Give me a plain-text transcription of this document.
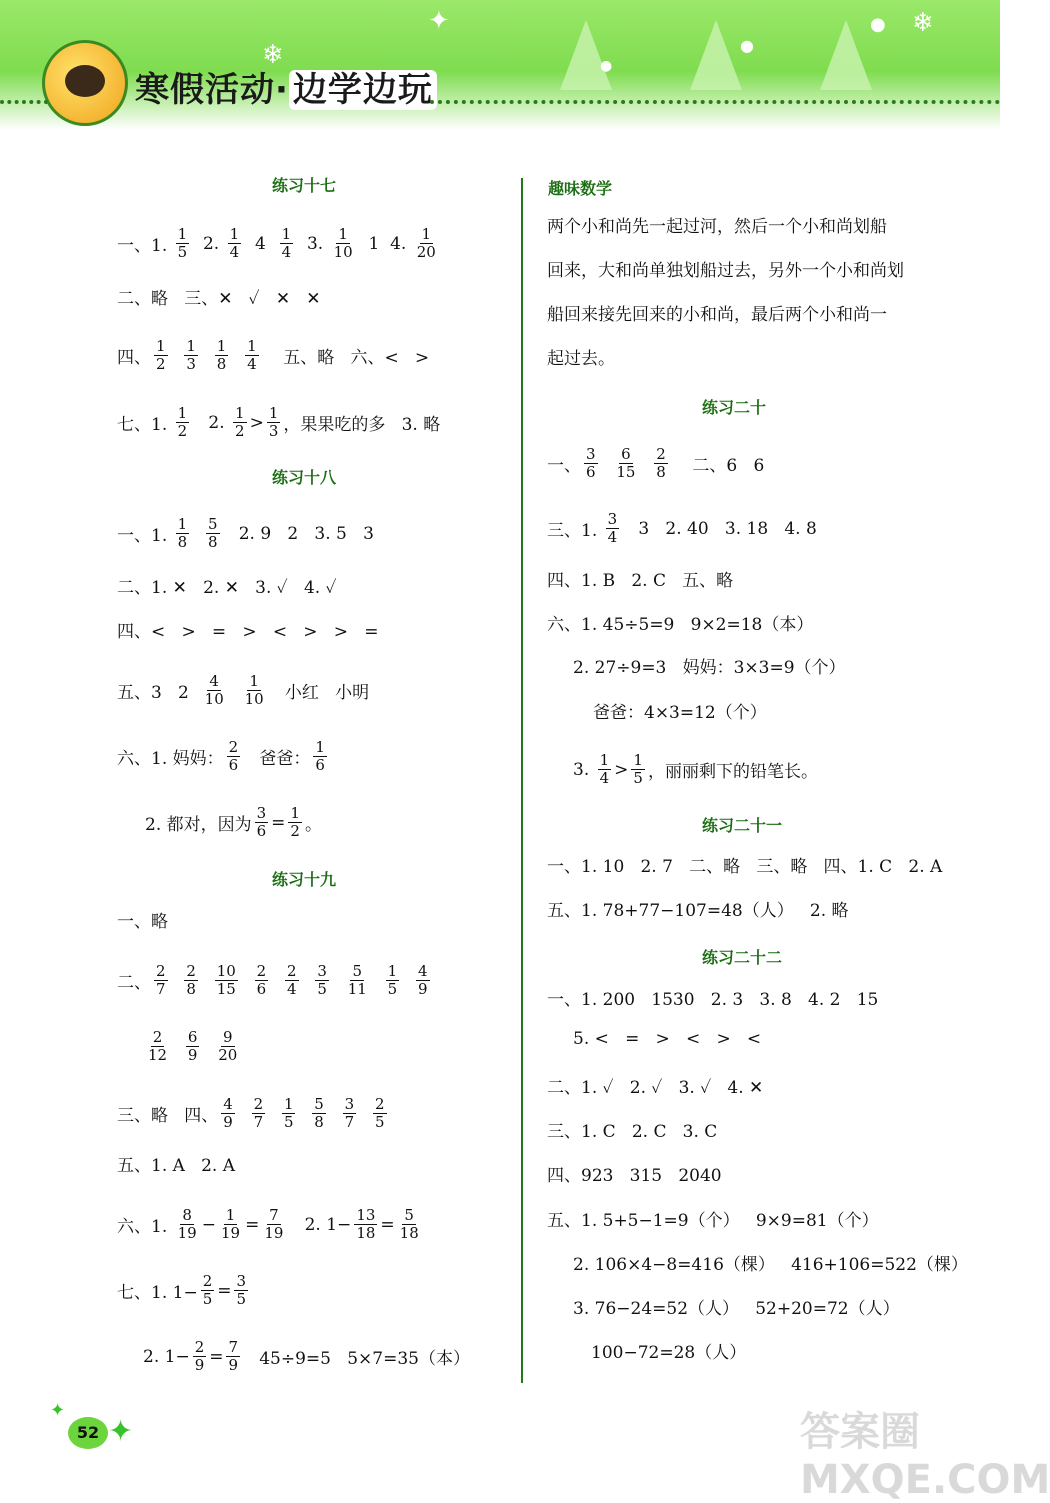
✦
❄
❄
●
●
●
寒假活动· 边学边玩
练习十七
一、1. $\frac{1}{5} 2$. $\frac{1}{4} 4 \frac{1}{4} 3$. $\frac{1}{10} 1$  4. $\frac{1}{20}$
二、略   三、✕   ✓   ✕   ✕
四、 $\frac{1}{2}$
$\frac{1}{3}$
$\frac{1}{8}$
$\frac{1}{4}$ 五、略   六、<   >
七、1. $\frac{1}{2} 2$. $\frac{1}{2} > \frac{1}{3}$ ，果果吃的多   3. 略
练习十八
一、1. $\frac{1}{8}$
$\frac{5}{8} 2$. 9   2   3. 5   3
二、1. ✕   2. ✕   3. ✓   4. ✓
四、<   >   =   >   <   >   >   =
五、3   $2 \frac{4}{10}$
$\frac{1}{10}$ 小红   小明
六、1. 妈妈： $\frac{2}{6}$ 爸爸： $\frac{1}{6}$
2. 都对，因为 $\frac{3}{6} = \frac{1}{2}$ 。
练习十九
一、略
二、 $\frac{2}{7}$
$\frac{2}{8}$
$\frac{10}{15}$
$\frac{2}{6}$
$\frac{2}{4}$
$\frac{3}{5}$
$\frac{5}{11}$
$\frac{1}{5}$
$\frac{4}{9}$
$\frac{2}{12}$
$\frac{6}{9}$
$\frac{9}{20}$
三、略   四、 $\frac{4}{9}$
$\frac{2}{7}$
$\frac{1}{5}$
$\frac{5}{8}$
$\frac{3}{7}$
$\frac{2}{5}$
五、1. A   2. A
六、1. $\frac{8}{19} - \frac{1}{19} = \frac{7}{19} 2$. $1- \frac{13}{18} = \frac{5}{18}$
七、1. $1- \frac{2}{5} = \frac{3}{5}$
2. $1- \frac{2}{9} = \frac{7}{9} 45\div 9=5$   5×7=35（本）
趣味数学
两个小和尚先一起过河，然后一个小和尚划船
回来，大和尚单独划船过去，另外一个小和尚划
船回来接先回来的小和尚，最后两个小和尚一
起过去。
练习二十
一、 $\frac{3}{6}$
$\frac{6}{15}$
$\frac{2}{8}$ 二、6   6
三、1. $\frac{3}{4} 3$   2. 40   3. 18   4. 8
四、1. B   2. C   五、略
六、1. 45÷5=9   9×2=18（本）
2. 27÷9=3   妈妈：3×3=9（个）
爸爸：4×3=12（个）
3. $\frac{1}{4} > \frac{1}{5}$ ，丽丽剩下的铅笔长。
练习二十一
一、1. 10   2. 7   二、略   三、略   四、1. C   2. A
五、1. 78+77−107=48（人）   2. 略
练习二十二
一、1. 200   1530   2. 3   3. 8   4. 2   15
5. <   =   >   <   >   <
二、1. ✓   2. ✓   3. ✓   4. ✕
三、1. C   2. C   3. C
四、923   315   2040
五、1. 5+5−1=9（个）   9×9=81（个）
2. 106×4−8=416（棵）   416+106=522（棵）
3. 76−24=52（人）   52+20=72（人）
100−72=28（人）
✦
✦
52	答案圈 MXQE.COM
